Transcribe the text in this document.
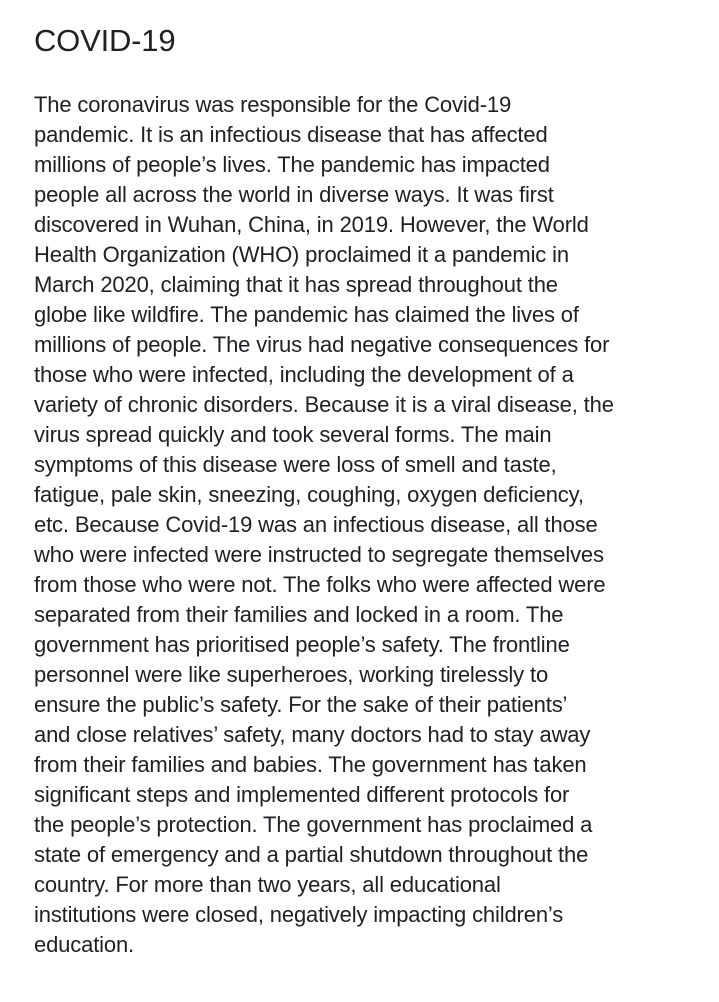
COVID-19
The coronavirus was responsible for the Covid-19
pandemic. It is an infectious disease that has affected
millions of people’s lives. The pandemic has impacted
people all across the world in diverse ways. It was first
discovered in Wuhan, China, in 2019. However, the World
Health Organization (WHO) proclaimed it a pandemic in
March 2020, claiming that it has spread throughout the
globe like wildfire. The pandemic has claimed the lives of
millions of people. The virus had negative consequences for
those who were infected, including the development of a
variety of chronic disorders. Because it is a viral disease, the
virus spread quickly and took several forms. The main
symptoms of this disease were loss of smell and taste,
fatigue, pale skin, sneezing, coughing, oxygen deficiency,
etc. Because Covid-19 was an infectious disease, all those
who were infected were instructed to segregate themselves
from those who were not. The folks who were affected were
separated from their families and locked in a room. The
government has prioritised people’s safety. The frontline
personnel were like superheroes, working tirelessly to
ensure the public’s safety. For the sake of their patients’
and close relatives’ safety, many doctors had to stay away
from their families and babies. The government has taken
significant steps and implemented different protocols for
the people’s protection. The government has proclaimed a
state of emergency and a partial shutdown throughout the
country. For more than two years, all educational
institutions were closed, negatively impacting children’s
education.
